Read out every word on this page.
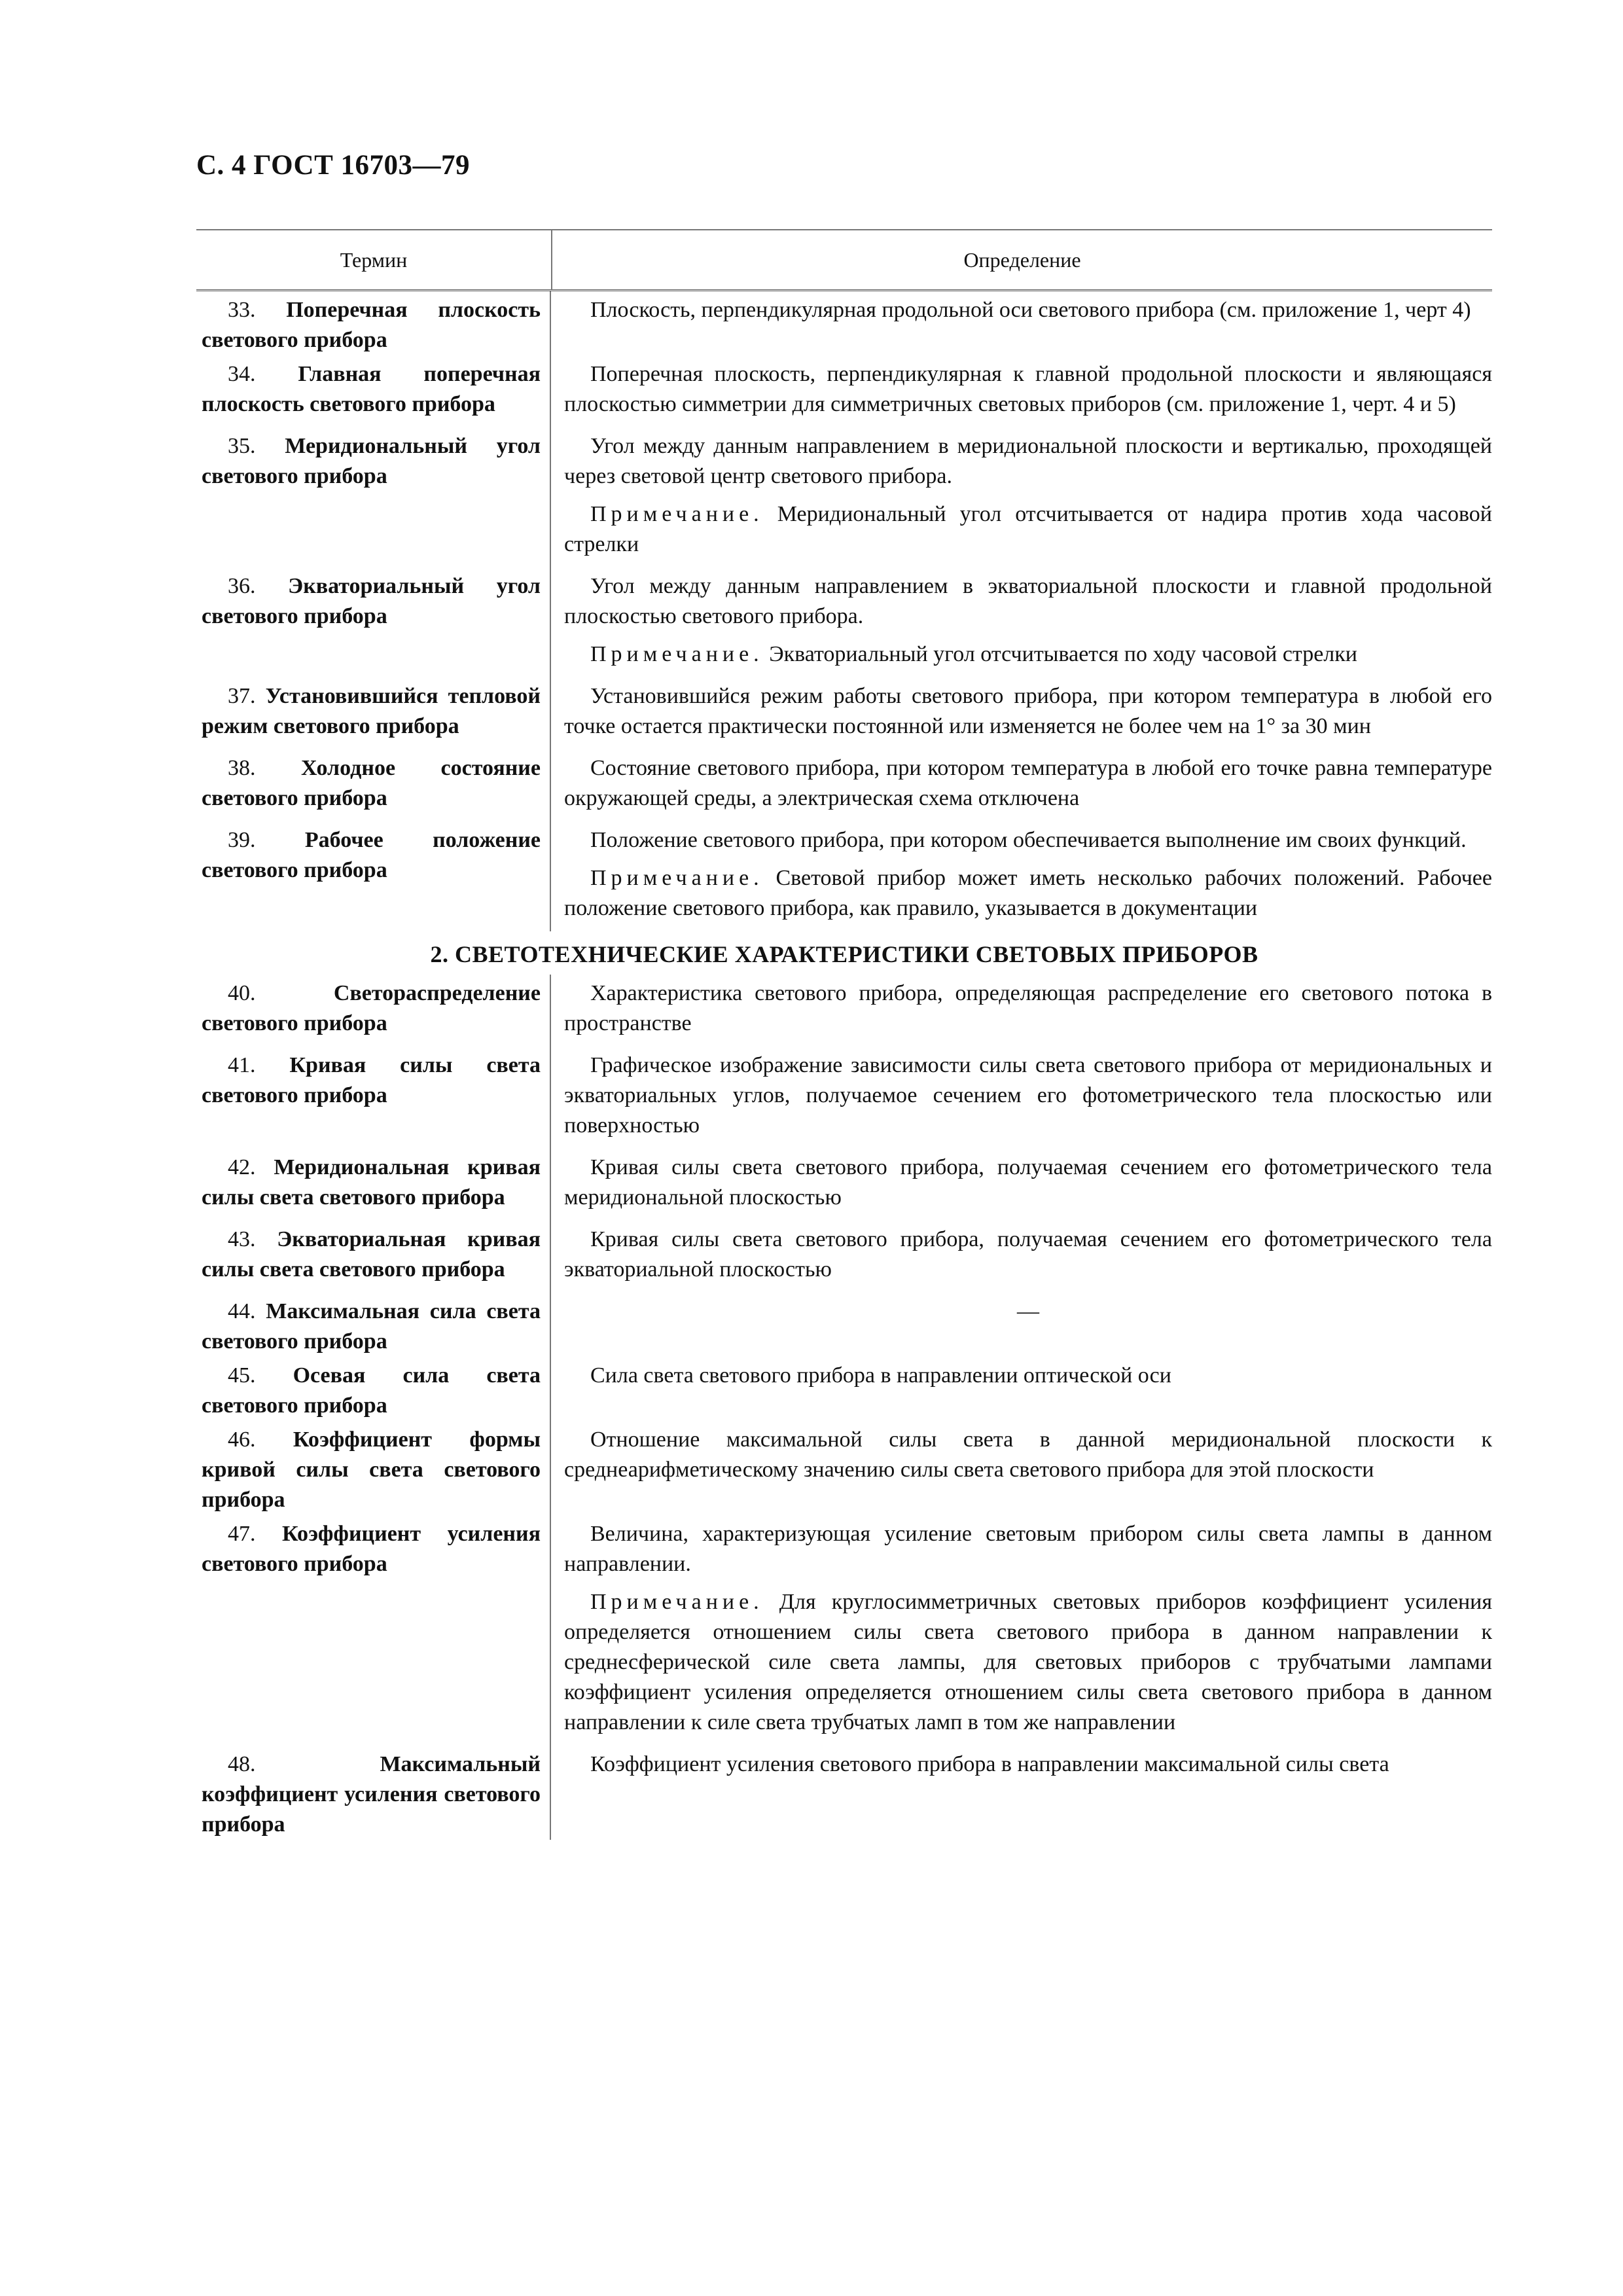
С. 4 ГОСТ 16703—79
Термин	Определение
33. Поперечная плоскость светового прибора
Плоскость, перпендикулярная продольной оси светового прибора (см. приложение 1, черт 4)
34. Главная поперечная плоскость светового прибора
Поперечная плоскость, перпендикулярная к главной продольной плоскости и являющаяся плоскостью симметрии для симметричных световых приборов (см. приложение 1, черт. 4 и 5)
35. Меридиональный угол светового прибора
Угол между данным направлением в меридиональной плоскости и вертикалью, проходящей через световой центр светового прибора.
Примечание. Меридиональный угол отсчитывается от надира против хода часовой стрелки
36. Экваториальный угол светового прибора
Угол между данным направлением в экваториальной плоскости и главной продольной плоскостью светового прибора.
Примечание. Экваториальный угол отсчитывается по ходу часовой стрелки
37. Установившийся тепловой режим светового прибора
Установившийся режим работы светового прибора, при котором температура в любой его точке остается практически постоянной или изменяется не более чем на 1° за 30 мин
38. Холодное состояние светового прибора
Состояние светового прибора, при котором температура в любой его точке равна температуре окружающей среды, а электрическая схема отключена
39. Рабочее положение светового прибора
Положение светового прибора, при котором обеспечивается выполнение им своих функций.
Примечание. Световой прибор может иметь несколько рабочих положений. Рабочее положение светового прибора, как правило, указывается в документации
2. СВЕТОТЕХНИЧЕСКИЕ ХАРАКТЕРИСТИКИ СВЕТОВЫХ ПРИБОРОВ
40.	Светораспределение светового прибора
Характеристика светового прибора, определяющая распределение его светового потока в пространстве
41. Кривая силы света светового прибора
Графическое изображение зависимости силы света светового прибора от меридиональных и экваториальных углов, получаемое сечением его фотометрического тела плоскостью или поверхностью
42. Меридиональная кривая силы света светового прибора
Кривая силы света светового прибора, получаемая сечением его фотометрического тела меридиональной плоскостью
43. Экваториальная кривая силы света светового прибора
Кривая силы света светового прибора, получаемая сечением его фотометрического тела экваториальной плоскостью
44. Максимальная сила света светового прибора
—
45. Осевая сила света светового прибора
Сила света светового прибора в направлении оптической оси
46. Коэффициент формы кривой силы света светового прибора
Отношение максимальной силы света в данной меридиональной плоскости к среднеарифметическому значению силы света светового прибора для этой плоскости
47. Коэффициент усиления светового прибора
Величина, характеризующая усиление световым прибором силы света лампы в данном направлении.
Примечание. Для круглосимметричных световых приборов коэффициент усиления определяется отношением силы света светового прибора в данном направлении к среднесферической силе света лампы, для световых приборов с трубчатыми лампами коэффициент усиления определяется отношением силы света светового прибора в данном направлении к силе света трубчатых ламп в том же направлении
48.	Максимальный коэффициент усиления светового прибора
Коэффициент усиления светового прибора в направлении максимальной силы света
